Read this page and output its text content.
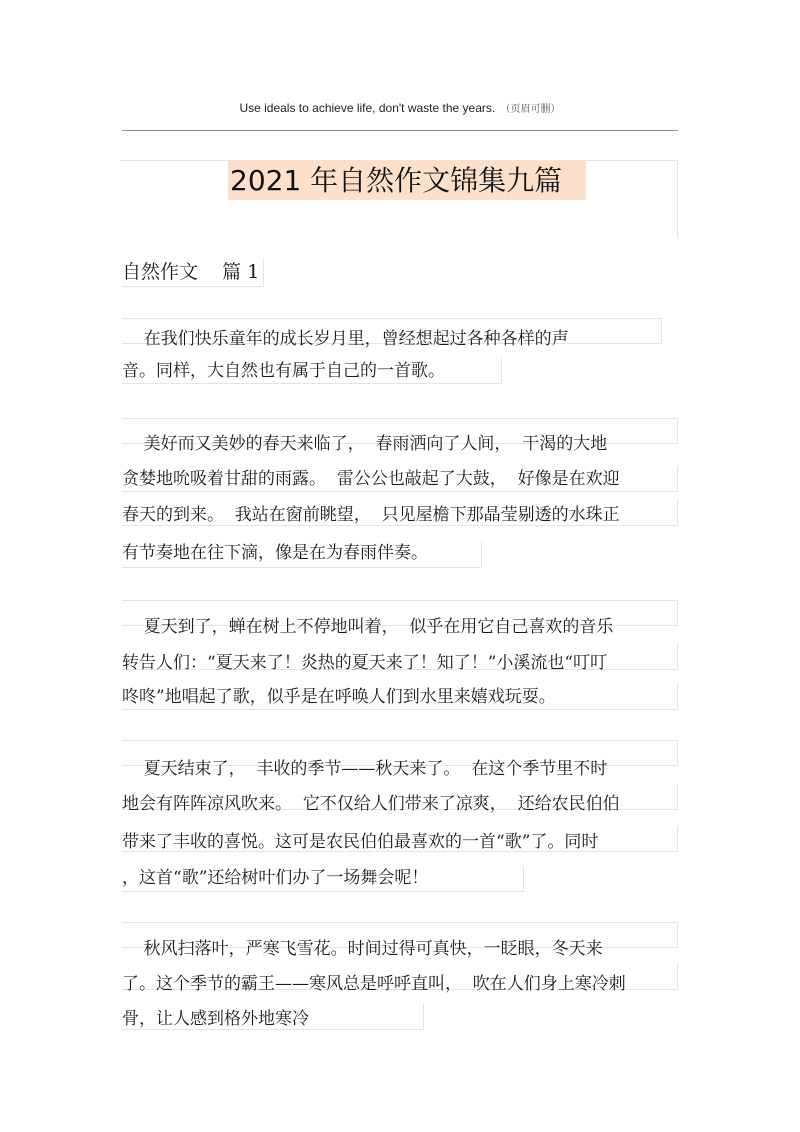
Use ideals to achieve life, don't waste the years. （页眉可删）
2021 年自然作文锦集九篇
自然作文    篇 1
在我们快乐童年的成长岁月里，曾经想起过各种各样的声
音。同样，大自然也有属于自己的一首歌。
美好而又美妙的春天来临了，  春雨洒向了人间，  干渴的大地
贪婪地吮吸着甘甜的雨露。  雷公公也敲起了大鼓，  好像是在欢迎
春天的到来。  我站在窗前眺望，  只见屋檐下那晶莹剔透的水珠正
有节奏地在往下滴，像是在为春雨伴奏。
夏天到了，蝉在树上不停地叫着，  似乎在用它自己喜欢的音乐
转告人们：“夏天来了！炎热的夏天来了！知了！”小溪流也“叮叮
咚咚”地唱起了歌，似乎是在呼唤人们到水里来嬉戏玩耍。
夏天结束了，  丰收的季节——秋天来了。  在这个季节里不时
地会有阵阵凉风吹来。  它不仅给人们带来了凉爽，  还给农民伯伯
带来了丰收的喜悦。这可是农民伯伯最喜欢的一首“歌”了。同时
，这首“歌”还给树叶们办了一场舞会呢！
秋风扫落叶，严寒飞雪花。时间过得可真快，一眨眼，冬天来
了。这个季节的霸王——寒风总是呼呼直叫，  吹在人们身上寒冷刺
骨，让人感到格外地寒冷
